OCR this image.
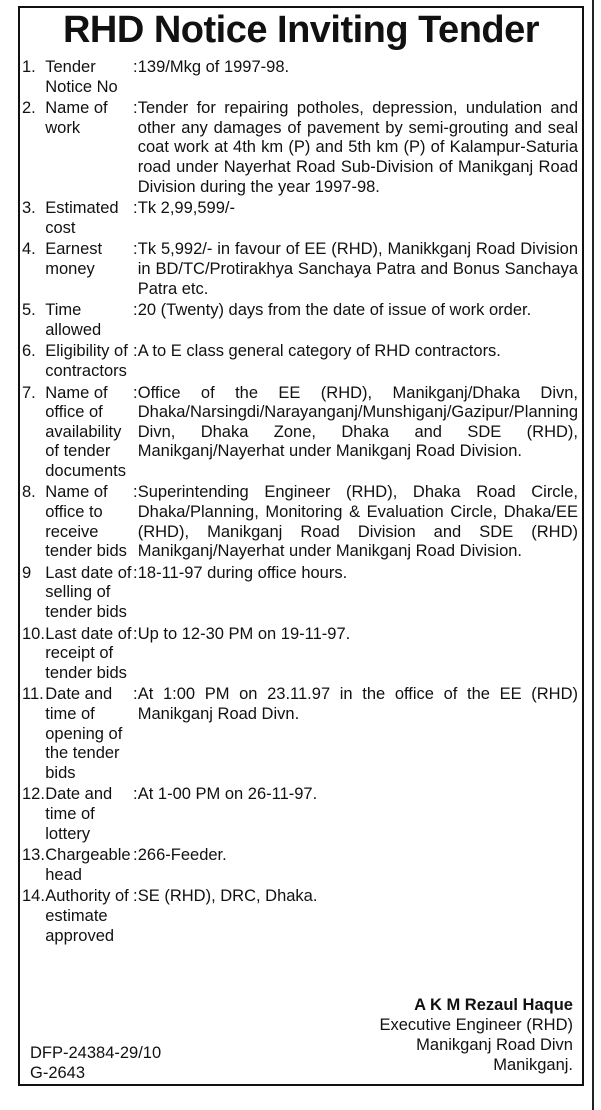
RHD Notice Inviting Tender
1.	Tender Notice No	:	139/Mkg of 1997-98.
2.	Name of work	:	Tender for repairing potholes, depression, undulation and other any damages of pavement by semi-grouting and seal coat work at 4th km (P) and 5th km (P) of Kalampur-Saturia road under Nayerhat Road Sub-Division of Manikganj Road Division during the year 1997-98.
3.	Estimated cost	:	Tk 2,99,599/-
4.	Earnest money	:	Tk 5,992/- in favour of EE (RHD), Manikkganj Road Division in BD/TC/Protirakhya Sanchaya Patra and Bonus Sanchaya Patra etc.
5.	Time allowed	:	20 (Twenty) days from the date of issue of work order.
6.	Eligibility of contractors	:	A to E class general category of RHD contractors.
7.	Name of office of availability of tender documents	:	Office of the EE (RHD), Manikganj/Dhaka Divn, Dhaka/Narsingdi/Narayanganj/Munshiganj/Gazipur/Planning Divn, Dhaka Zone, Dhaka and SDE (RHD), Manikganj/Nayerhat under Manikganj Road Division.
8.	Name of office to receive tender bids	:	Superintending Engineer (RHD), Dhaka Road Circle, Dhaka/Planning, Monitoring & Evaluation Circle, Dhaka/EE (RHD), Manikganj Road Division and SDE (RHD) Manikganj/Nayerhat under Manikganj Road Division.
9	Last date of selling of tender bids	:	18-11-97 during office hours.
10.	Last date of receipt of tender bids	:	Up to 12-30 PM on 19-11-97.
11.	Date and time of opening of the tender bids	:	At 1:00 PM on 23.11.97 in the office of the EE (RHD) Manikganj Road Divn.
12.	Date and time of lottery	:	At 1-00 PM on 26-11-97.
13.	Chargeable head	:	266-Feeder.
14.	Authority of estimate approved	:	SE (RHD), DRC, Dhaka.
A K M Rezaul Haque
Executive Engineer (RHD)
Manikganj Road Divn
Manikganj.
DFP-24384-29/10
G-2643
